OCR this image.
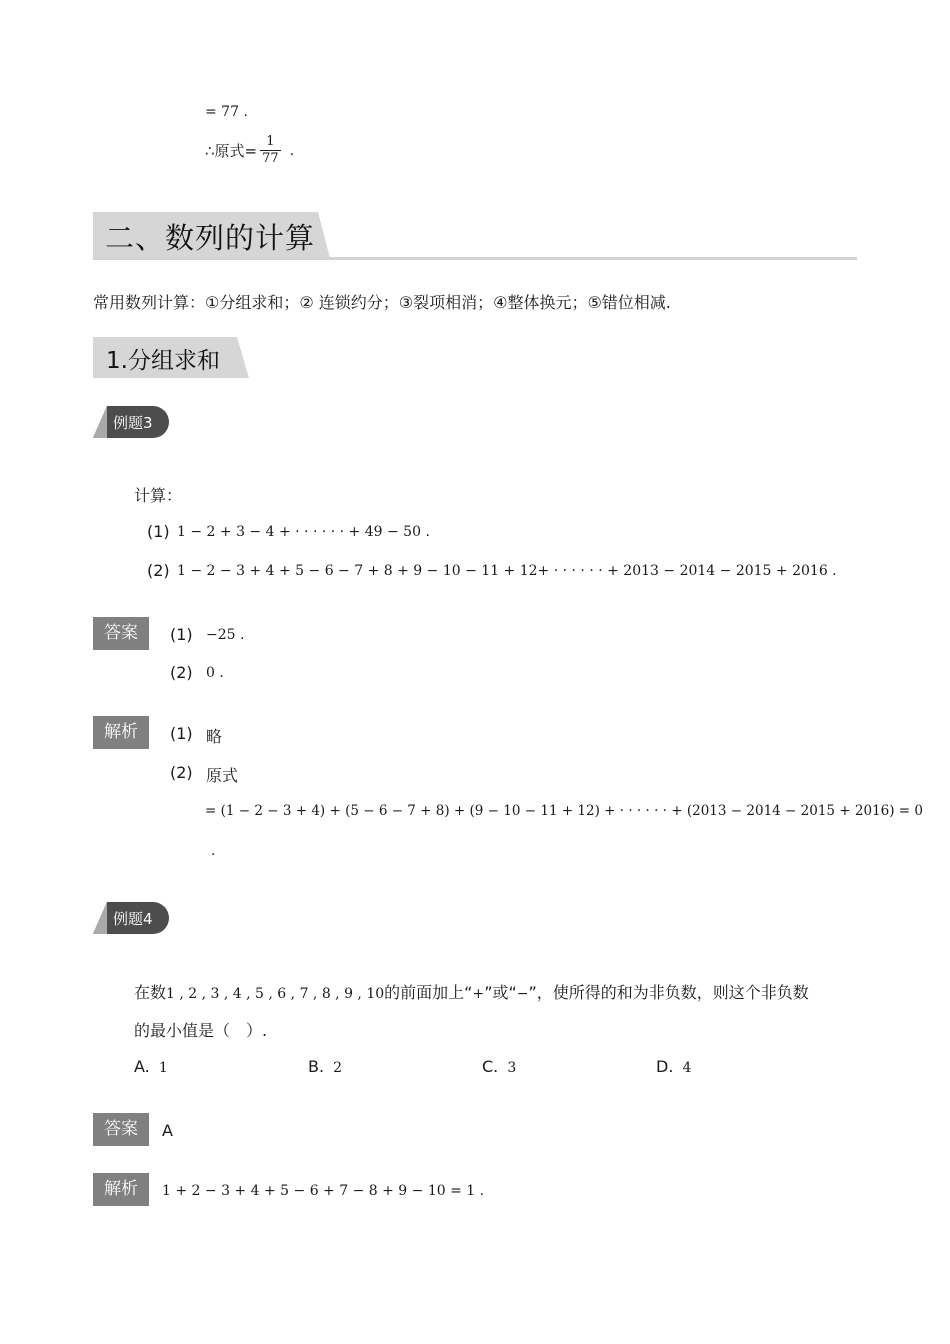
= 77 .
∴原式= $\frac{1}{77}$ .
二、数列的计算
常用数列计算：①分组求和；② 连锁约分；③裂项相消；④整体换元；⑤错位相减.
1.分组求和
例题3
计算：
(1) 1 − 2 + 3 − 4 + · · · · · · + 49 − 50 .
(2) 1 − 2 − 3 + 4 + 5 − 6 − 7 + 8 + 9 − 10 − 11 + 12+ · · · · · · + 2013 − 2014 − 2015 + 2016 .
答案	(1) −25 .
(2) 0 .
解析	(1) 略
(2) 原式
= (1 − 2 − 3 + 4) + (5 − 6 − 7 + 8) + (9 − 10 − 11 + 12) + · · · · · · + (2013 − 2014 − 2015 + 2016) = 0
.
例题4
在数1 , 2 , 3 , 4 , 5 , 6 , 7 , 8 , 9 , 10的前面加上“+”或“−”，使所得的和为非负数，则这个非负数
的最小值是（　）.
A. 1	B. 2	C. 3	D. 4
答案	A
解析	1 + 2 − 3 + 4 + 5 − 6 + 7 − 8 + 9 − 10 = 1 .
